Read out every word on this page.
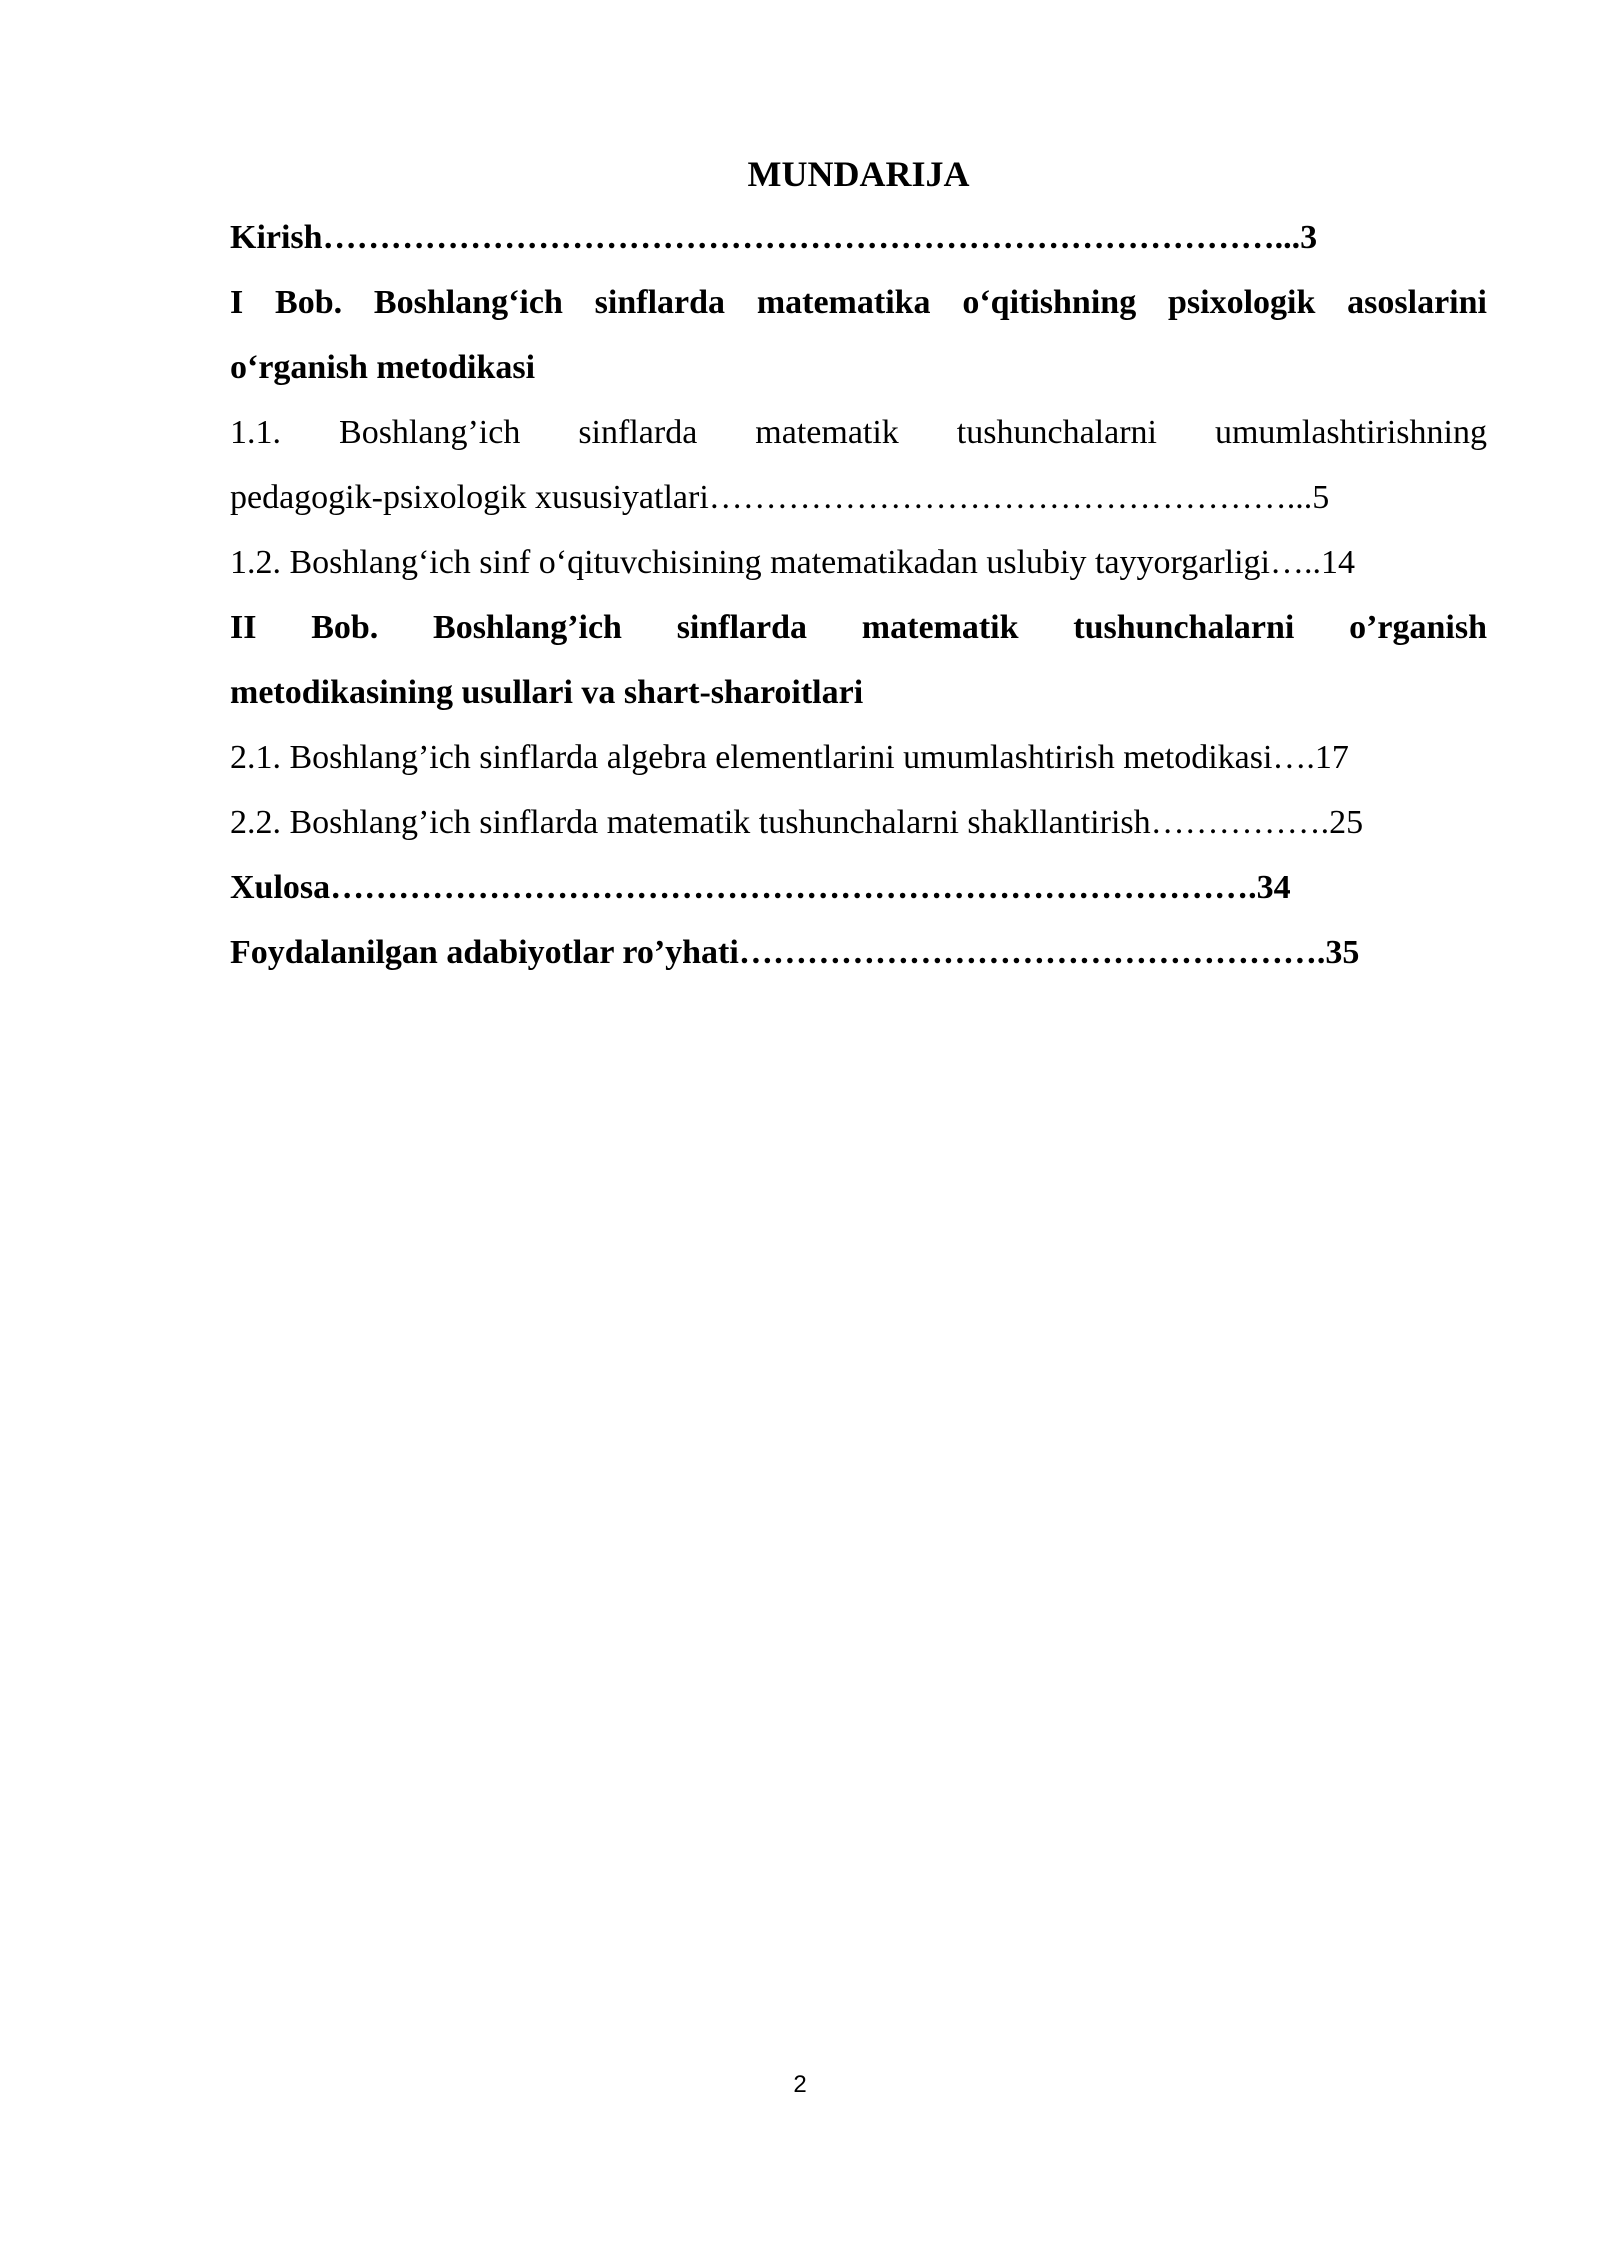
MUNDARIJA
Kirish…………………………………………………………………………...3
I Bob. Boshlang‘ich sinflarda matematika o‘qitishning psixologik asoslarini
o‘rganish metodikasi
1.1. Boshlang’ich sinflarda matematik tushunchalarni umumlashtirishning
pedagogik-psixologik xususiyatlari……………………………………………...5
1.2. Boshlang‘ich sinf o‘qituvchisining matematikadan uslubiy tayyorgarligi…..14
II Bob. Boshlang’ich sinflarda matematik tushunchalarni o’rganish
metodikasining usullari va shart-sharoitlari
2.1. Boshlang’ich sinflarda algebra elementlarini umumlashtirish metodikasi….17
2.2. Boshlang’ich sinflarda matematik tushunchalarni shakllantirish…………….25
Xulosa……………………………………………………………………….34
Foydalanilgan adabiyotlar ro’yhati…………………………………………….35
2
